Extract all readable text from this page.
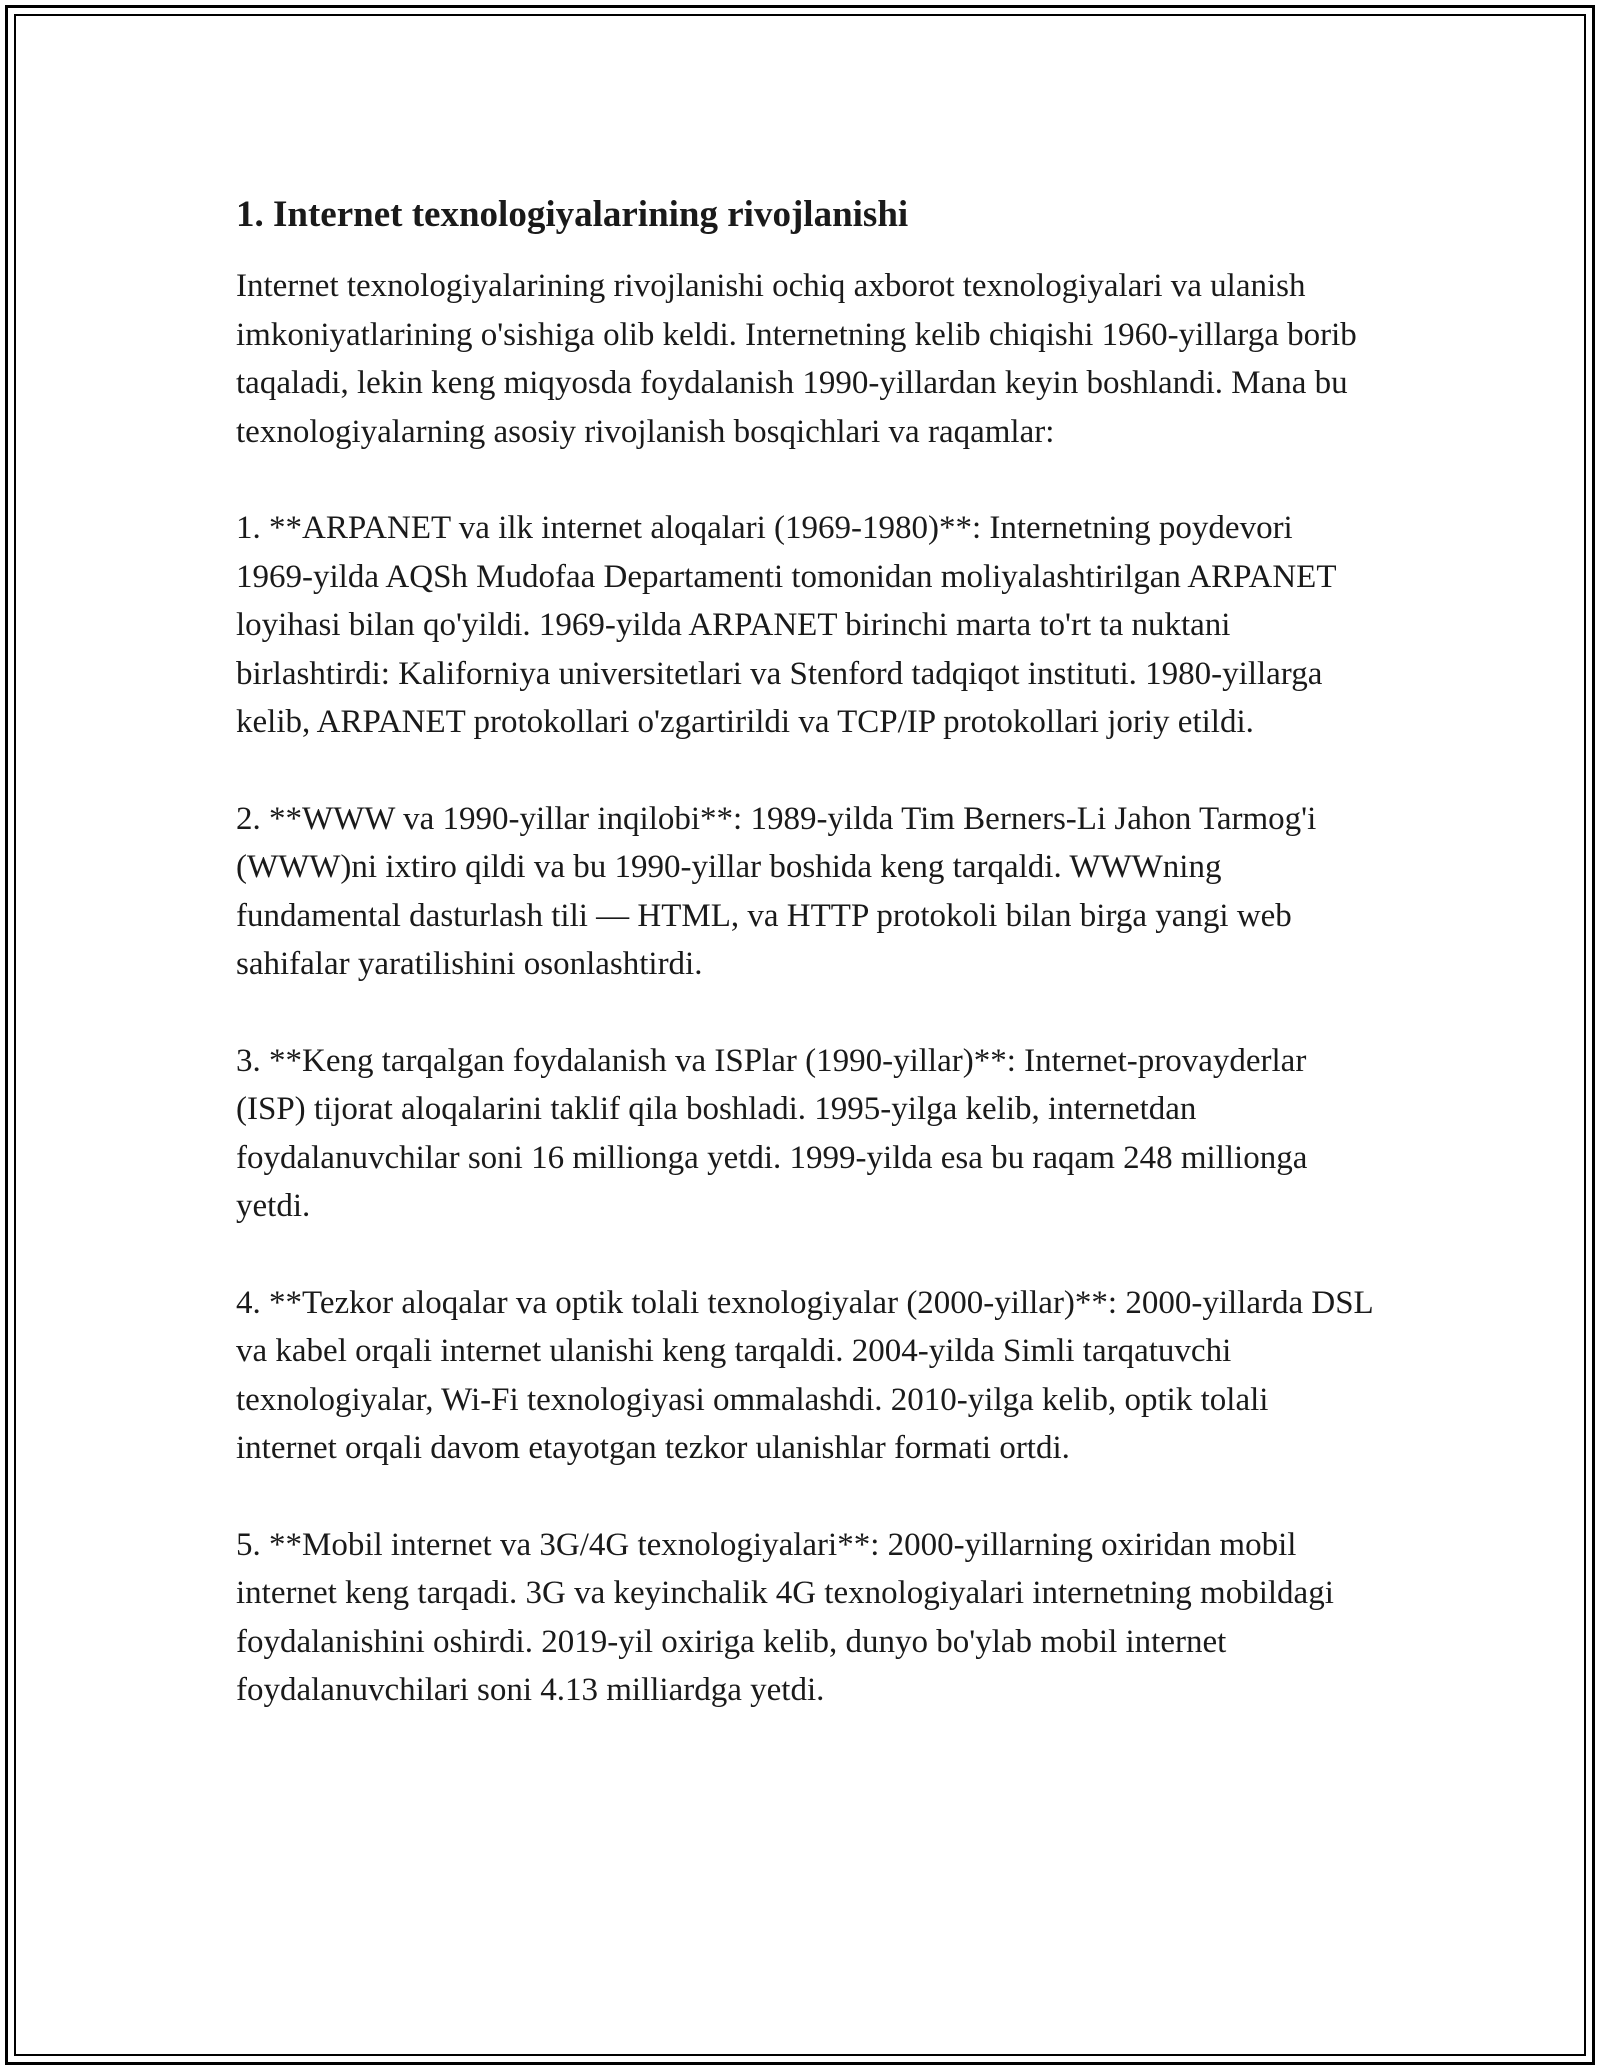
1. Internet texnologiyalarining rivojlanishi

Internet texnologiyalarining rivojlanishi ochiq axborot texnologiyalari va ulanish imkoniyatlarining o'sishiga olib keldi. Internetning kelib chiqishi 1960-yillarga borib taqaladi, lekin keng miqyosda foydalanish 1990-yillardan keyin boshlandi. Mana bu texnologiyalarning asosiy rivojlanish bosqichlari va raqamlar:

1. **ARPANET va ilk internet aloqalari (1969-1980)**: Internetning poydevori 1969-yilda AQSh Mudofaa Departamenti tomonidan moliyalashtirilgan ARPANET loyihasi bilan qo'yildi. 1969-yilda ARPANET birinchi marta to'rt ta nuktani birlashtirdi: Kaliforniya universitetlari va Stenford tadqiqot instituti. 1980-yillarga kelib, ARPANET protokollari o'zgartirildi va TCP/IP protokollari joriy etildi.

2. **WWW va 1990-yillar inqilobi**: 1989-yilda Tim Berners-Li Jahon Tarmog'i (WWW)ni ixtiro qildi va bu 1990-yillar boshida keng tarqaldi. WWWning fundamental dasturlash tili — HTML, va HTTP protokoli bilan birga yangi web sahifalar yaratilishini osonlashtirdi.

3. **Keng tarqalgan foydalanish va ISPlar (1990-yillar)**: Internet-provayderlar (ISP) tijorat aloqalarini taklif qila boshladi. 1995-yilga kelib, internetdan foydalanuvchilar soni 16 millionga yetdi. 1999-yilda esa bu raqam 248 millionga yetdi.

4. **Tezkor aloqalar va optik tolali texnologiyalar (2000-yillar)**: 2000-yillarda DSL va kabel orqali internet ulanishi keng tarqaldi. 2004-yilda Simli tarqatuvchi texnologiyalar, Wi-Fi texnologiyasi ommalashdi. 2010-yilga kelib, optik tolali internet orqali davom etayotgan tezkor ulanishlar formati ortdi.

5. **Mobil internet va 3G/4G texnologiyalari**: 2000-yillarning oxiridan mobil internet keng tarqadi. 3G va keyinchalik 4G texnologiyalari internetning mobildagi foydalanishini oshirdi. 2019-yil oxiriga kelib, dunyo bo'ylab mobil internet foydalanuvchilari soni 4.13 milliardga yetdi.
